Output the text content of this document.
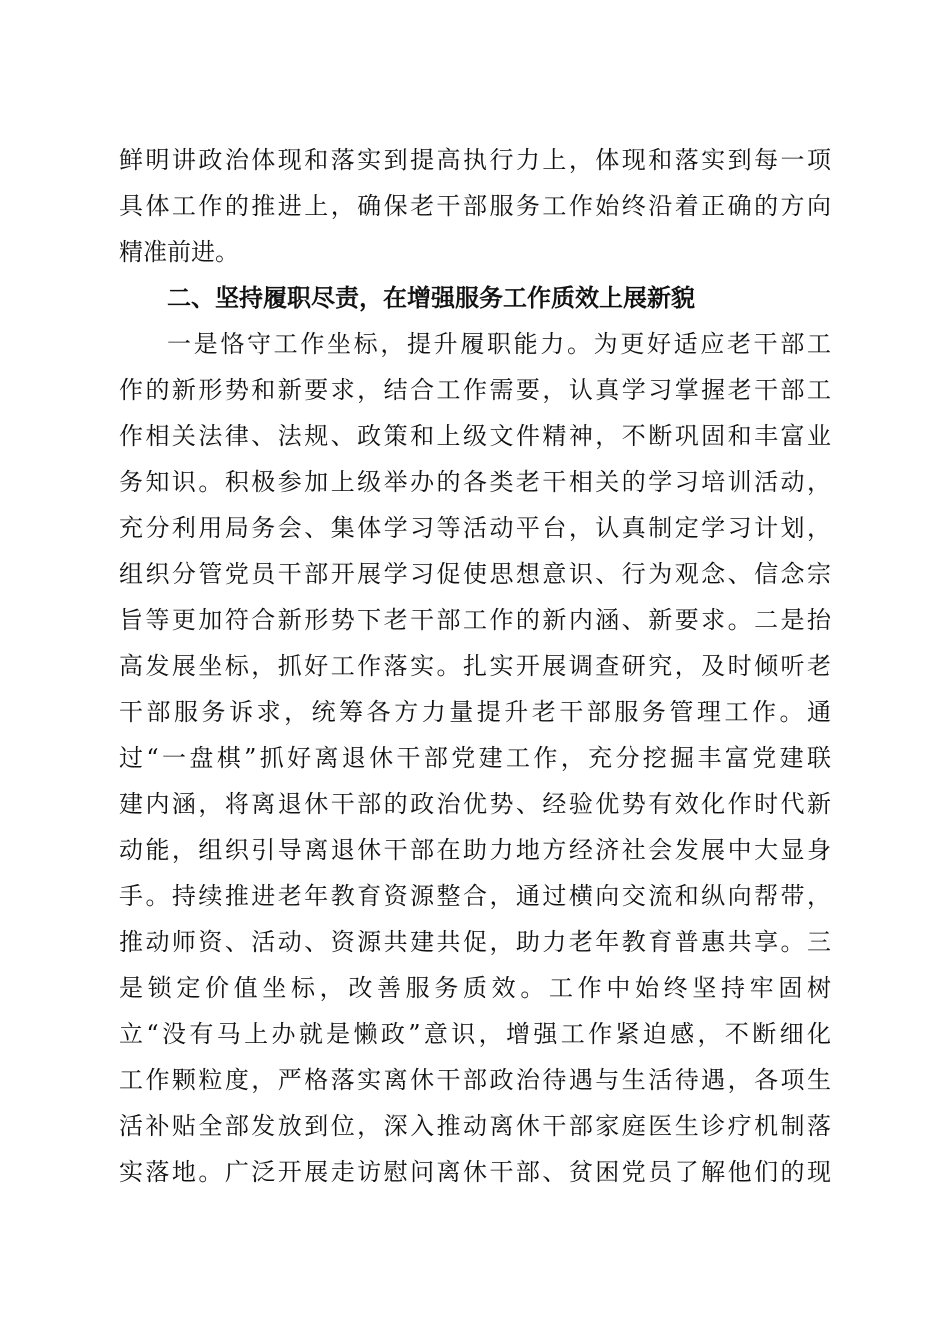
鲜明讲政治体现和落实到提高执行力上，体现和落实到每一项
具体工作的推进上，确保老干部服务工作始终沿着正确的方向
精准前进。
二、坚持履职尽责，在增强服务工作质效上展新貌
一是恪守工作坐标，提升履职能力。为更好适应老干部工
作的新形势和新要求，结合工作需要，认真学习掌握老干部工
作相关法律、法规、政策和上级文件精神，不断巩固和丰富业
务知识。积极参加上级举办的各类老干相关的学习培训活动，
充分利用局务会、集体学习等活动平台，认真制定学习计划，
组织分管党员干部开展学习促使思想意识、行为观念、信念宗
旨等更加符合新形势下老干部工作的新内涵、新要求。二是抬
高发展坐标，抓好工作落实。扎实开展调查研究，及时倾听老
干部服务诉求，统筹各方力量提升老干部服务管理工作。通
过“一盘棋”抓好离退休干部党建工作，充分挖掘丰富党建联
建内涵，将离退休干部的政治优势、经验优势有效化作时代新
动能，组织引导离退休干部在助力地方经济社会发展中大显身
手。持续推进老年教育资源整合，通过横向交流和纵向帮带，
推动师资、活动、资源共建共促，助力老年教育普惠共享。三
是锁定价值坐标，改善服务质效。工作中始终坚持牢固树
立“没有马上办就是懒政”意识，增强工作紧迫感，不断细化
工作颗粒度，严格落实离休干部政治待遇与生活待遇，各项生
活补贴全部发放到位，深入推动离休干部家庭医生诊疗机制落
实落地。广泛开展走访慰问离休干部、贫困党员了解他们的现
